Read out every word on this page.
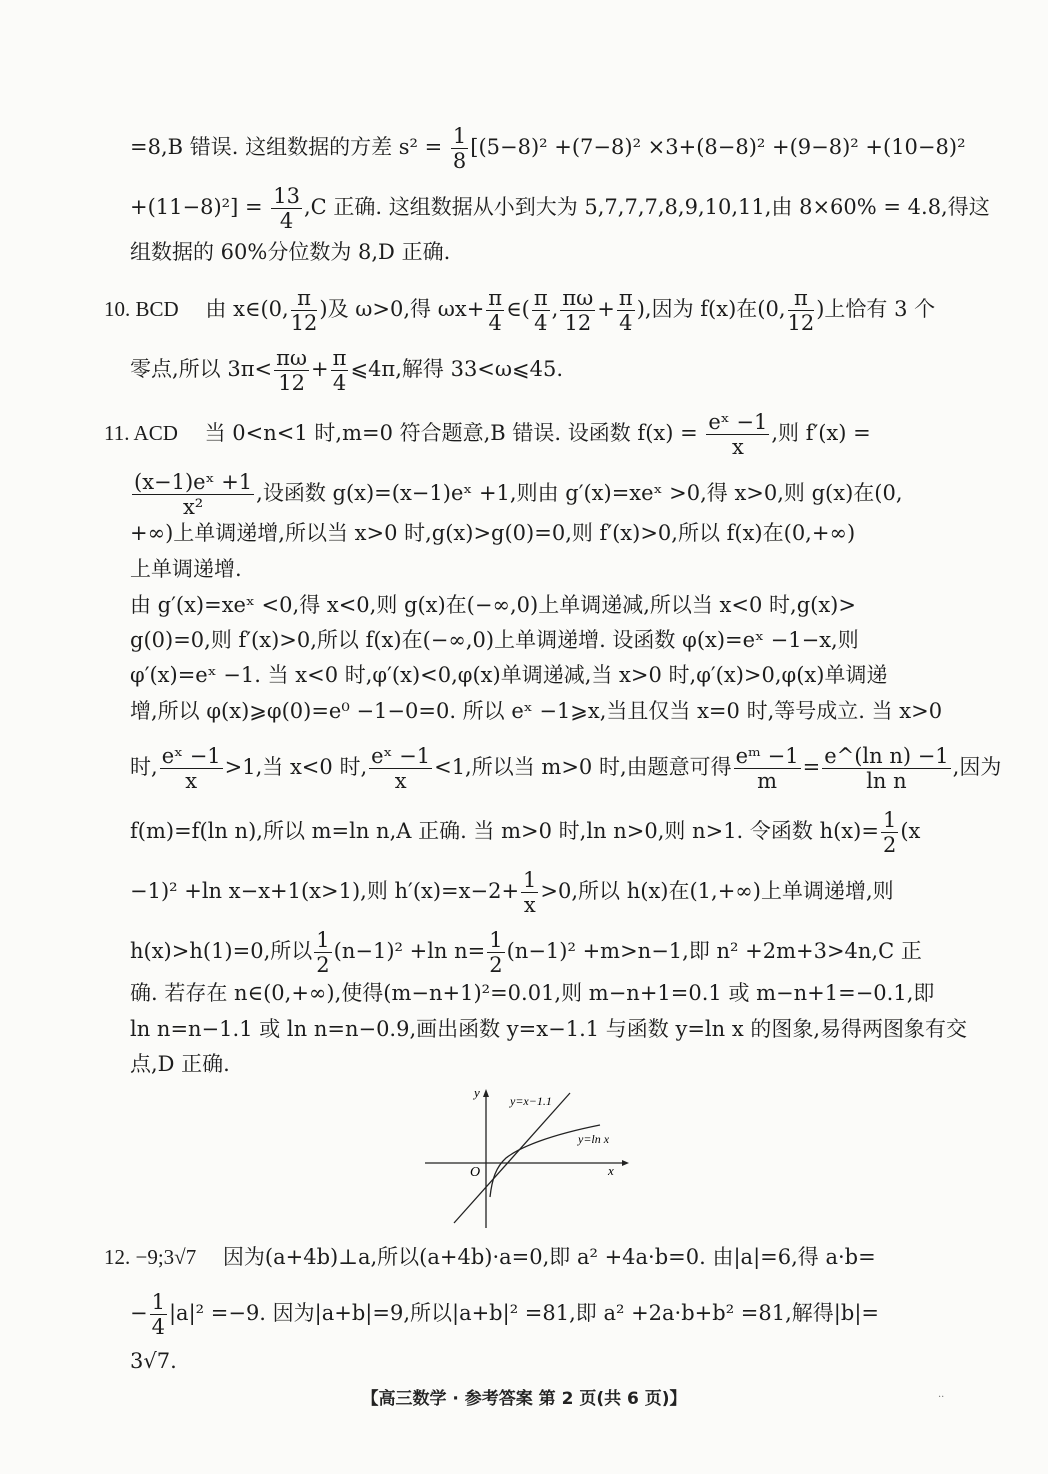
=8,B 错误. 这组数据的方差 $s^2 = \frac{1}{8} [(5-8)^2 +(7-8)^2 \times 3+(8-8)^2 +(9-8)^2 +(10-8)^2$
$+(11-8)^2] = \frac{13}{4} ,C$ 正确. 这组数据从小到大为 5,7,7,7,8,9,10,11,由 8×60% = 4.8,得这
组数据的 60%分位数为 8,D 正确.
10. BCD 由 x∈(0, $\frac{\pi}{12}$ )及 ω>0,得 $\omega x+ \frac{\pi}{4}$ ∈( $\frac{\pi}{4}$ , $\frac{\pi\omega}{12} + \frac{\pi}{4}$ ),因为 f(x)在(0, $\frac{\pi}{12}$ )上恰有 3 个
零点,所以 $3\pi< \frac{\pi\omega}{12} + \frac{\pi}{4}$ ⩽4π,解得 33<ω⩽45.
11. ACD 当 0<n<1 时,m=0 符合题意,B 错误. 设函数 $f(x) = \frac{\text{eˣ −1}}{x}$ ,则 f′(x) =
$\frac{\text{(x−1)eˣ +1}}{\text{x²}}$ ,设函数 g(x)=(x−1)eˣ +1,则由 g′(x)=xeˣ >0,得 x>0,则 g(x)在(0,
+∞)上单调递增,所以当 x>0 时,g(x)>g(0)=0,则 f′(x)>0,所以 f(x)在(0,+∞)
上单调递增.
由 g′(x)=xeˣ <0,得 x<0,则 g(x)在(−∞,0)上单调递减,所以当 x<0 时,g(x)>
g(0)=0,则 f′(x)>0,所以 f(x)在(−∞,0)上单调递增. 设函数 φ(x)=eˣ −1−x,则
φ′(x)=eˣ −1. 当 x<0 时,φ′(x)<0,φ(x)单调递减,当 x>0 时,φ′(x)>0,φ(x)单调递
增,所以 φ(x)⩾φ(0)=e⁰ −1−0=0. 所以 eˣ −1⩾x,当且仅当 x=0 时,等号成立. 当 x>0
时, $\frac{\text{eˣ −1}}{x} >1$,当 x<0 时, $\frac{\text{eˣ −1}}{x} <1$,所以当 m>0 时,由题意可得 $\frac{\text{eᵐ −1}}{m} = \frac{\text{e\textasciicircum{}(ln n) −1}}{\text{ln n}}$ ,因为
f(m)=f(ln n),所以 m=ln n,A 正确. 当 m>0 时,ln n>0,则 n>1. 令函数 $h(x)= \frac{1}{2} (x$
−1)² +ln x−x+1(x>1),则 $h'(x)=x-2+ \frac{1}{x} >0$,所以 h(x)在(1,+∞)上单调递增,则
h(x)>h(1)=0,所以 $\frac{1}{2} (n-1)^2 +\ln$ $n= \frac{1}{2} (n-1)^2 +m>n-1$,即 n² +2m+3>4n,C 正
确. 若存在 n∈(0,+∞),使得(m−n+1)²=0.01,则 m−n+1=0.1 或 m−n+1=−0.1,即
ln n=n−1.1 或 ln n=n−0.9,画出函数 y=x−1.1 与函数 y=ln x 的图象,易得两图象有交
点,D 正确.
y
x
O
y=x−1.1
y=ln x
12. −9;3√7 因为(a+4b)⊥a,所以(a+4b)·a=0,即 a² +4a·b=0. 由|a|=6,得 a·b=
− $\frac{1}{4} |a|^2 =-9$. 因为|a+b|=9,所以|a+b|² =81,即 a² +2a·b+b² =81,解得|b|=
3√7.
【高三数学 · 参考答案 第 2 页(共 6 页)】	··
